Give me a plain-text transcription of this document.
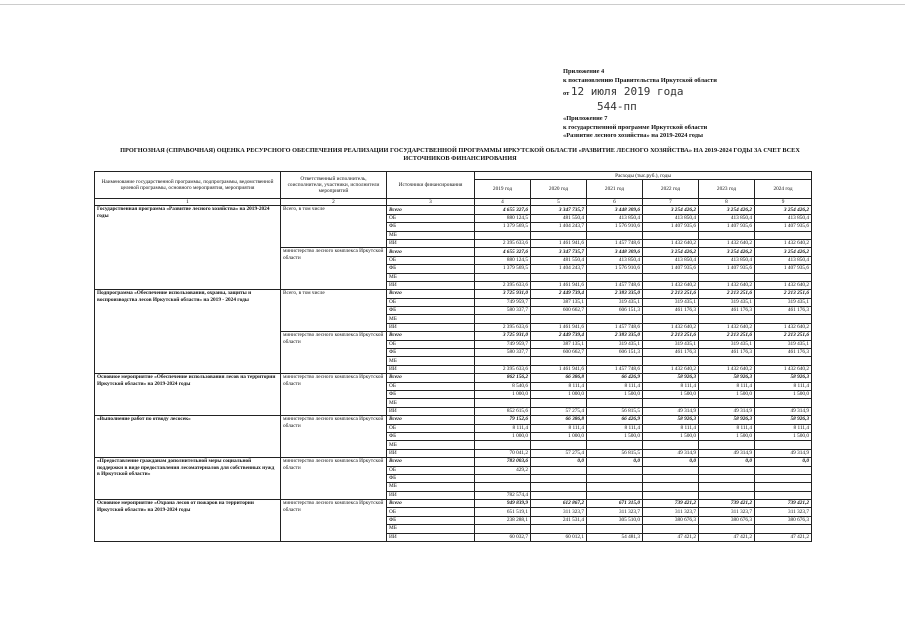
Приложение 4
к постановлению Правительства Иркутской области
от 12 июля 2019 года
544-пп
«Приложение 7
к государственной программе Иркутской области
«Развитие лесного хозяйства» на 2019-2024 годы
ПРОГНОЗНАЯ (СПРАВОЧНАЯ) ОЦЕНКА РЕСУРСНОГО ОБЕСПЕЧЕНИЯ РЕАЛИЗАЦИИ ГОСУДАРСТВЕННОЙ ПРОГРАММЫ ИРКУТСКОЙ ОБЛАСТИ «РАЗВИТИЕ ЛЕСНОГО ХОЗЯЙСТВА» НА 2019-2024 ГОДЫ ЗА СЧЕТ ВСЕХ ИСТОЧНИКОВ ФИНАНСИРОВАНИЯ
Наименование государственной программы, подпрограммы, ведомственной целевой программы, основного мероприятия, мероприятия	Ответственный исполнитель, соисполнители, участники, исполнители мероприятий	Источники финансирования	Расходы (тыс.руб.), годы					
			2019 год	2020 год	2021 год	2022 год	2023 год	2024 год
1	2	3	4	5	6	7	8	9
Государственная программа «Развитие лесного хозяйства» на 2019-2024 годы	Всего, в том числе	Всего	4 655 327,6	3 347 735,7	3 448 309,6	3 254 426,2	3 254 426,2	3 254 426,2
		ОБ	880 124,5	481 550,4	413 850,4	413 850,4	413 850,4	413 850,4
		ФБ	1 379 569,5	1 404 243,7	1 576 910,6	1 407 935,6	1 407 935,6	1 407 935,6
		МБ						
		ИИ	2 395 633,6	1 461 941,6	1 457 748,6	1 432 640,2	1 432 640,2	1 432 640,2
	министерство лесного комплекса Иркутской области	Всего	4 655 327,6	3 347 735,7	3 448 309,6	3 254 426,2	3 254 426,2	3 254 426,2
		ОБ	880 124,5	481 550,4	413 850,4	413 850,4	413 850,4	413 850,4
		ФБ	1 379 569,5	1 404 243,7	1 576 910,6	1 407 935,6	1 407 935,6	1 407 935,6
		МБ						
		ИИ	2 395 633,6	1 461 941,6	1 457 748,6	1 432 640,2	1 432 640,2	1 432 640,2
Подпрограмма «Обеспечение использования, охраны, защиты и воспроизводства лесов Иркутской области» на 2019 - 2024 годы	Всего, в том числе	Всего	3 725 931,0	2 449 739,4	2 383 335,0	2 213 251,6	2 213 251,6	2 213 251,6
		ОБ	749 959,7	387 135,1	319 435,1	319 435,1	319 435,1	319 435,1
		ФБ	580 337,7	600 662,7	606 151,3	461 176,3	461 176,3	461 176,3
		МБ						
		ИИ	2 395 633,6	1 461 941,6	1 457 748,6	1 432 640,2	1 432 640,2	1 432 640,2
	министерство лесного комплекса Иркутской области	Всего	3 725 931,0	2 449 739,4	2 383 335,0	2 213 251,6	2 213 251,6	2 213 251,6
		ОБ	749 959,7	387 135,1	319 435,1	319 435,1	319 435,1	319 435,1
		ФБ	580 337,7	600 662,7	606 151,3	461 176,3	461 176,3	461 176,3
		МБ						
		ИИ	2 395 633,6	1 461 941,6	1 457 748,6	1 432 640,2	1 432 640,2	1 432 640,2
Основное мероприятие «Обеспечение использования лесов на территории Иркутской области» на 2019-2024 годы	министерство лесного комплекса Иркутской области	Всего	862 156,2	66 386,8	66 426,9	58 926,3	58 926,3	58 926,3
		ОБ	8 540,6	8 111,4	8 111,4	8 111,4	8 111,4	8 111,4
		ФБ	1 000,0	1 000,0	1 500,0	1 500,0	1 500,0	1 500,0
		МБ						
		ИИ	852 615,6	57 275,4	56 815,5	49 314,9	49 314,9	49 314,9
«Выполнение работ по отводу лесосек»	министерство лесного комплекса Иркутской области	Всего	79 152,6	66 386,8	66 426,9	58 926,3	58 926,3	58 926,3
		ОБ	8 111,4	8 111,4	8 111,4	8 111,4	8 111,4	8 111,4
		ФБ	1 000,0	1 000,0	1 500,0	1 500,0	1 500,0	1 500,0
		МБ						
		ИИ	70 041,2	57 275,4	56 815,5	49 314,9	49 314,9	49 314,9
«Предоставление гражданам дополнительной меры социальной поддержки в виде предоставления лесоматериалов для собственных нужд в Иркутской области»	министерство лесного комплекса Иркутской области	Всего	783 003,6	0,0	0,0	0,0	0,0	0,0
		ОБ	429,2					
		ФБ						
		МБ						
		ИИ	782 574,4					
Основное мероприятие «Охрана лесов от пожаров на территории Иркутской области» на 2019-2024 годы	министерство лесного комплекса Иркутской области	Всего	949 839,9	612 867,2	671 315,0	739 421,2	739 421,2	739 421,2
		ОБ	651 519,1	311 323,7	311 323,7	311 323,7	311 323,7	311 323,7
		ФБ	238 288,1	241 531,4	305 510,0	380 676,3	380 676,3	380 676,3
		МБ						
		ИИ	60 032,7	60 012,1	54 481,3	47 421,2	47 421,2	47 421,2
